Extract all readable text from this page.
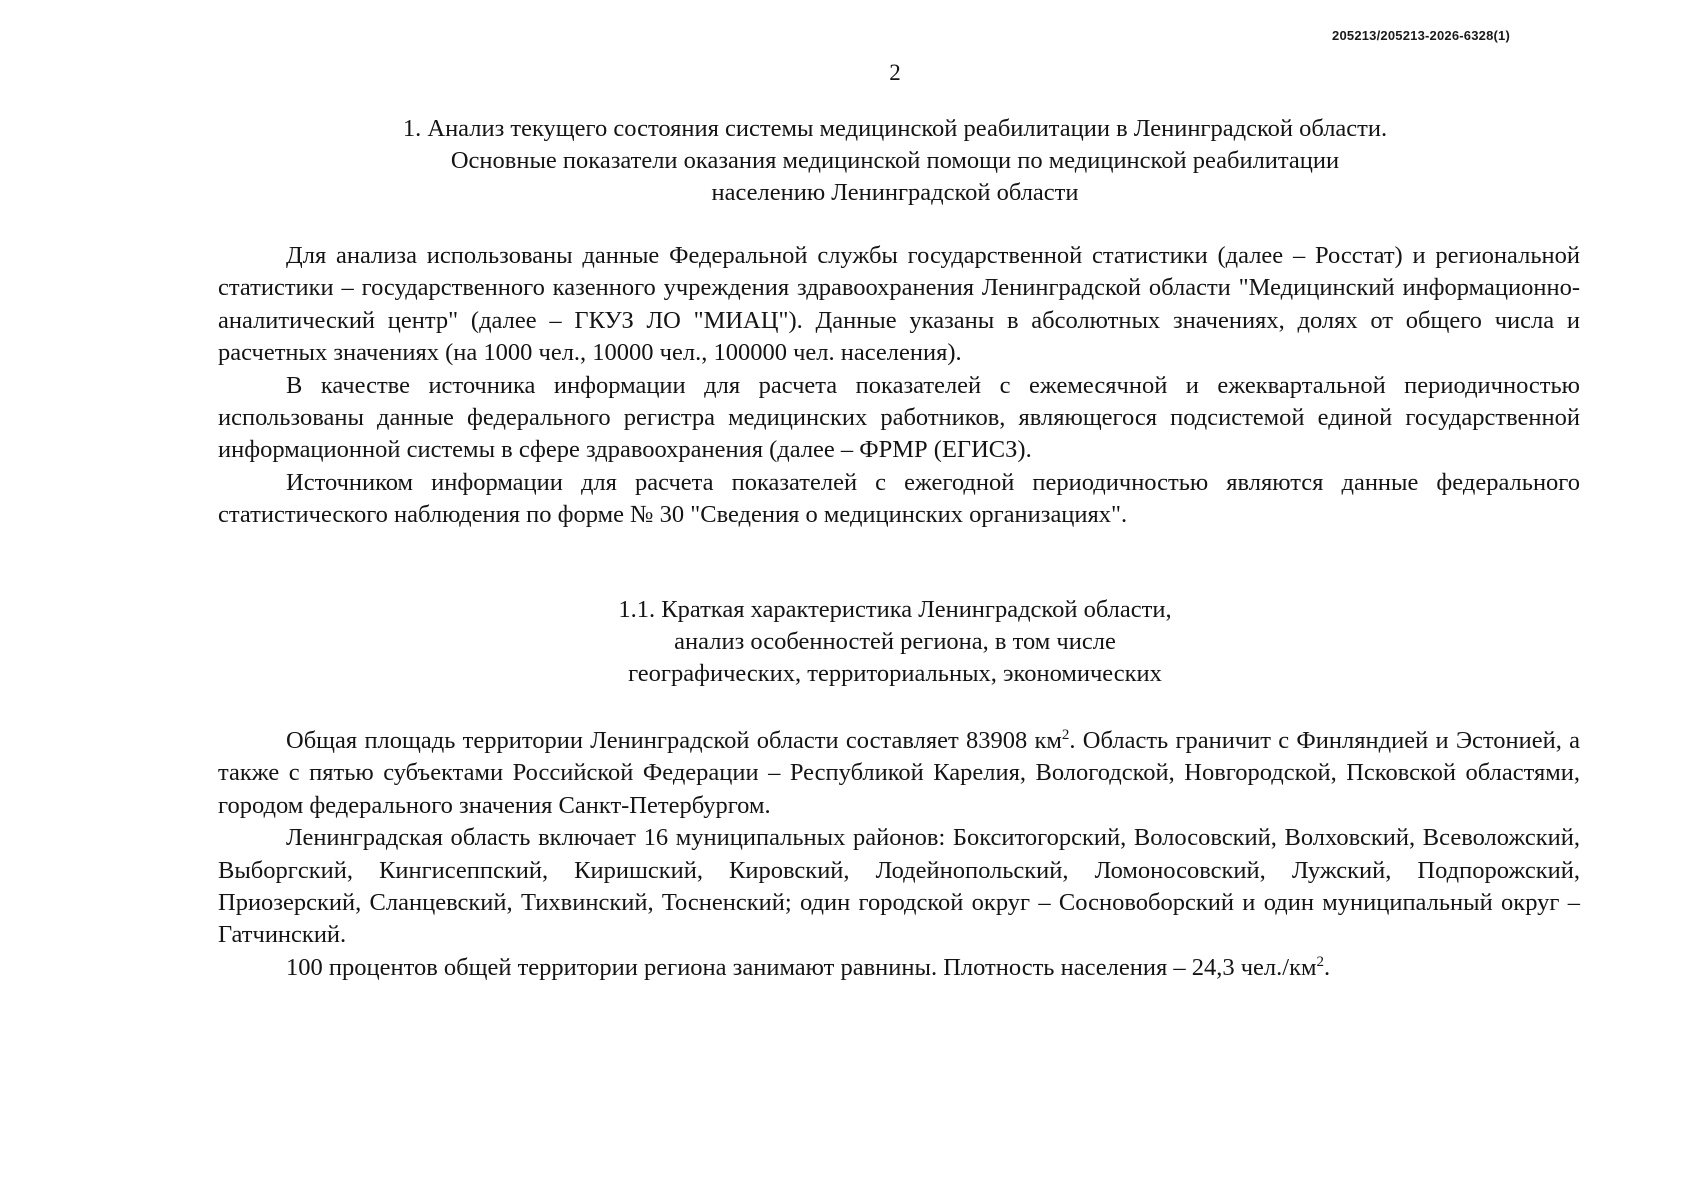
205213/205213-2026-6328(1)
2
1. Анализ текущего состояния системы медицинской реабилитации в Ленинградской области.
Основные показатели оказания медицинской помощи по медицинской реабилитации
населению Ленинградской области

Для анализа использованы данные Федеральной службы государственной статистики (далее – Росстат) и региональной статистики – государственного казенного учреждения здравоохранения Ленинградской области "Медицинский информационно-аналитический центр" (далее – ГКУЗ ЛО "МИАЦ"). Данные указаны в абсолютных значениях, долях от общего числа и расчетных значениях (на 1000 чел., 10000 чел., 100000 чел. населения).

В качестве источника информации для расчета показателей с ежемесячной и ежеквартальной периодичностью использованы данные федерального регистра медицинских работников, являющегося подсистемой единой государственной информационной системы в сфере здравоохранения (далее – ФРМР (ЕГИСЗ).

Источником информации для расчета показателей с ежегодной периодичностью являются данные федерального статистического наблюдения по форме № 30 "Сведения о медицинских организациях".

1.1. Краткая характеристика Ленинградской области,
анализ особенностей региона, в том числе
географических, территориальных, экономических

Общая площадь территории Ленинградской области составляет 83908 $км^2$. Область граничит с Финляндией и Эстонией, а также с пятью субъектами Российской Федерации – Республикой Карелия, Вологодской, Новгородской, Псковской областями, городом федерального значения Санкт-Петербургом.

Ленинградская область включает 16 муниципальных районов: Бокситогорский, Волосовский, Волховский, Всеволожский, Выборгский, Кингисеппский, Киришский, Кировский, Лодейнопольский, Ломоносовский, Лужский, Подпорожский, Приозерский, Сланцевский, Тихвинский, Тосненский; один городской округ – Сосновоборский и один муниципальный округ – Гатчинский.

100 процентов общей территории региона занимают равнины. Плотность населения – 24,3 $чел./км^2$.
